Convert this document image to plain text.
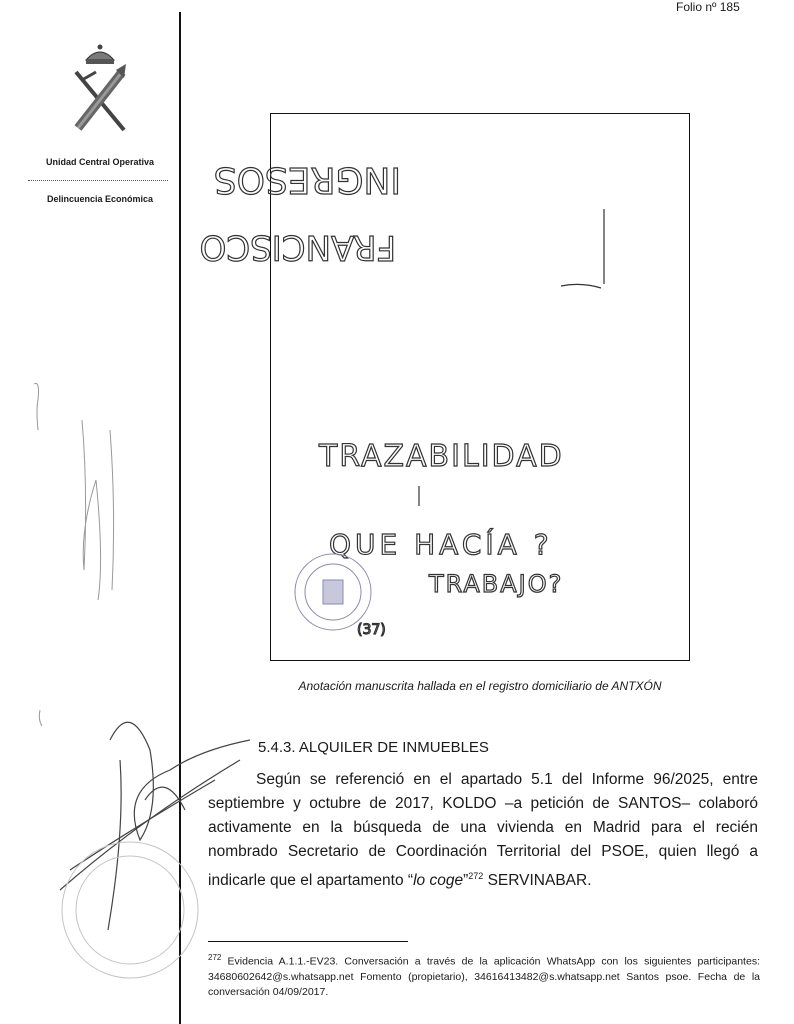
Folio nº 185
Unidad Central Operativa
Delincuencia Económica	INGRESOS
FRANCISCO
TRAZABILIDAD
QUE HACÍA ?
TRABAJO?
(37)
Anotación manuscrita hallada en el registro domiciliario de ANTXÓN
5.4.3. ALQUILER DE INMUEBLES
Según se referenció en el apartado 5.1 del Informe 96/2025, entre septiembre y octubre de 2017, KOLDO –a petición de SANTOS– colaboró activamente en la búsqueda de una vivienda en Madrid para el recién nombrado Secretario de Coordinación Territorial del PSOE, quien llegó a indicarle que el apartamento “lo coge”$^{272}$ SERVINABAR.
$^{272}$ Evidencia A.1.1.-EV23. Conversación a través de la aplicación WhatsApp con los siguientes participantes: 34680602642@s.whatsapp.net Fomento (propietario), 34616413482@s.whatsapp.net Santos psoe. Fecha de la conversación 04/09/2017.
